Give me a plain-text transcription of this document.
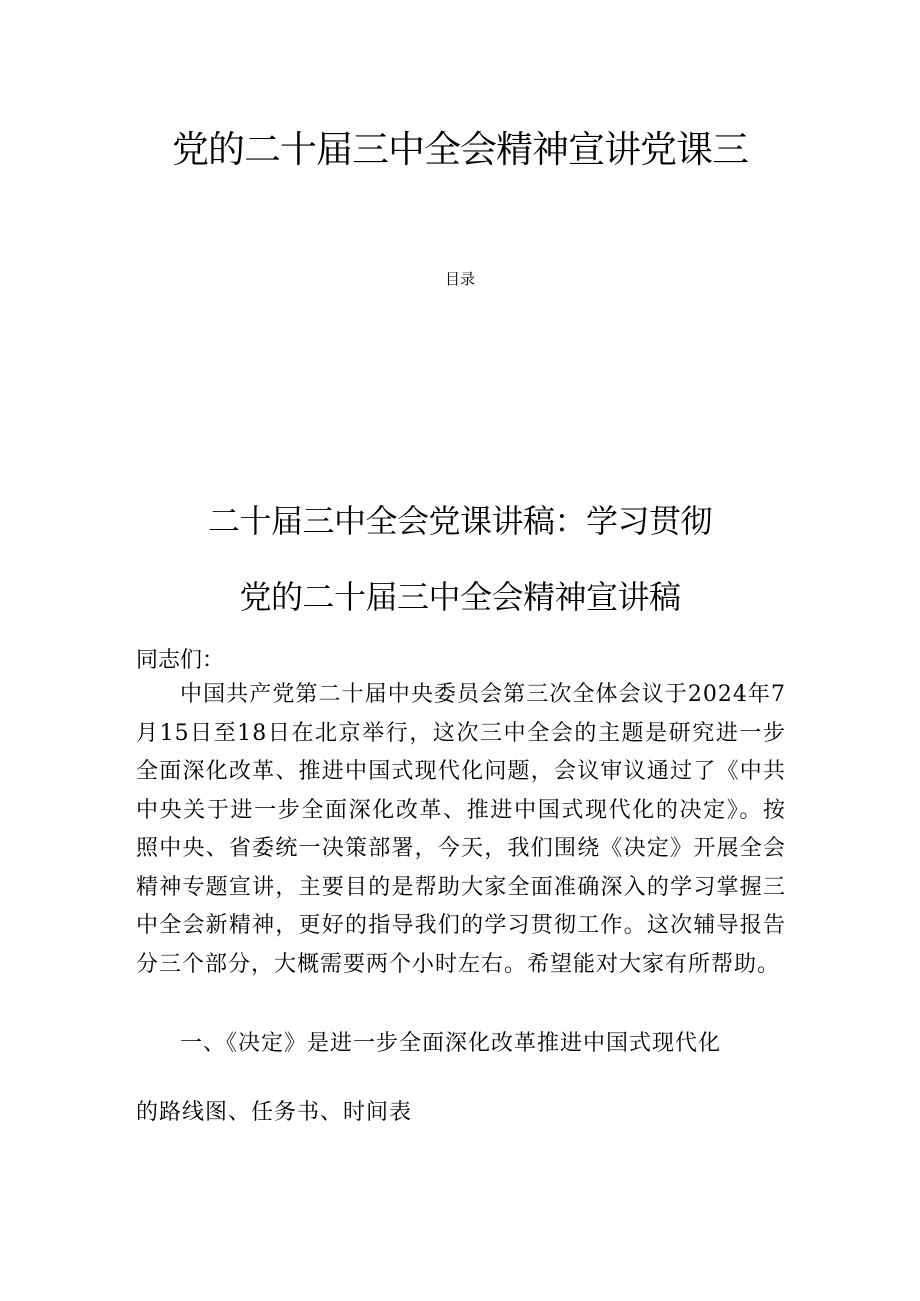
党的二十届三中全会精神宣讲党课三

目录

二十届三中全会党课讲稿：学习贯彻
党的二十届三中全会精神宣讲稿

同志们：

中国共产党第二十届中央委员会第三次全体会议于2024年7月15日至18日在北京举行，这次三中全会的主题是研究进一步全面深化改革、推进中国式现代化问题，会议审议通过了《中共中央关于进一步全面深化改革、推进中国式现代化的决定》。按照中央、省委统一决策部署，今天，我们围绕《决定》开展全会精神专题宣讲，主要目的是帮助大家全面准确深入的学习掌握三中全会新精神，更好的指导我们的学习贯彻工作。这次辅导报告分三个部分，大概需要两个小时左右。希望能对大家有所帮助。

一、《决定》是进一步全面深化改革推进中国式现代化

的路线图、任务书、时间表
